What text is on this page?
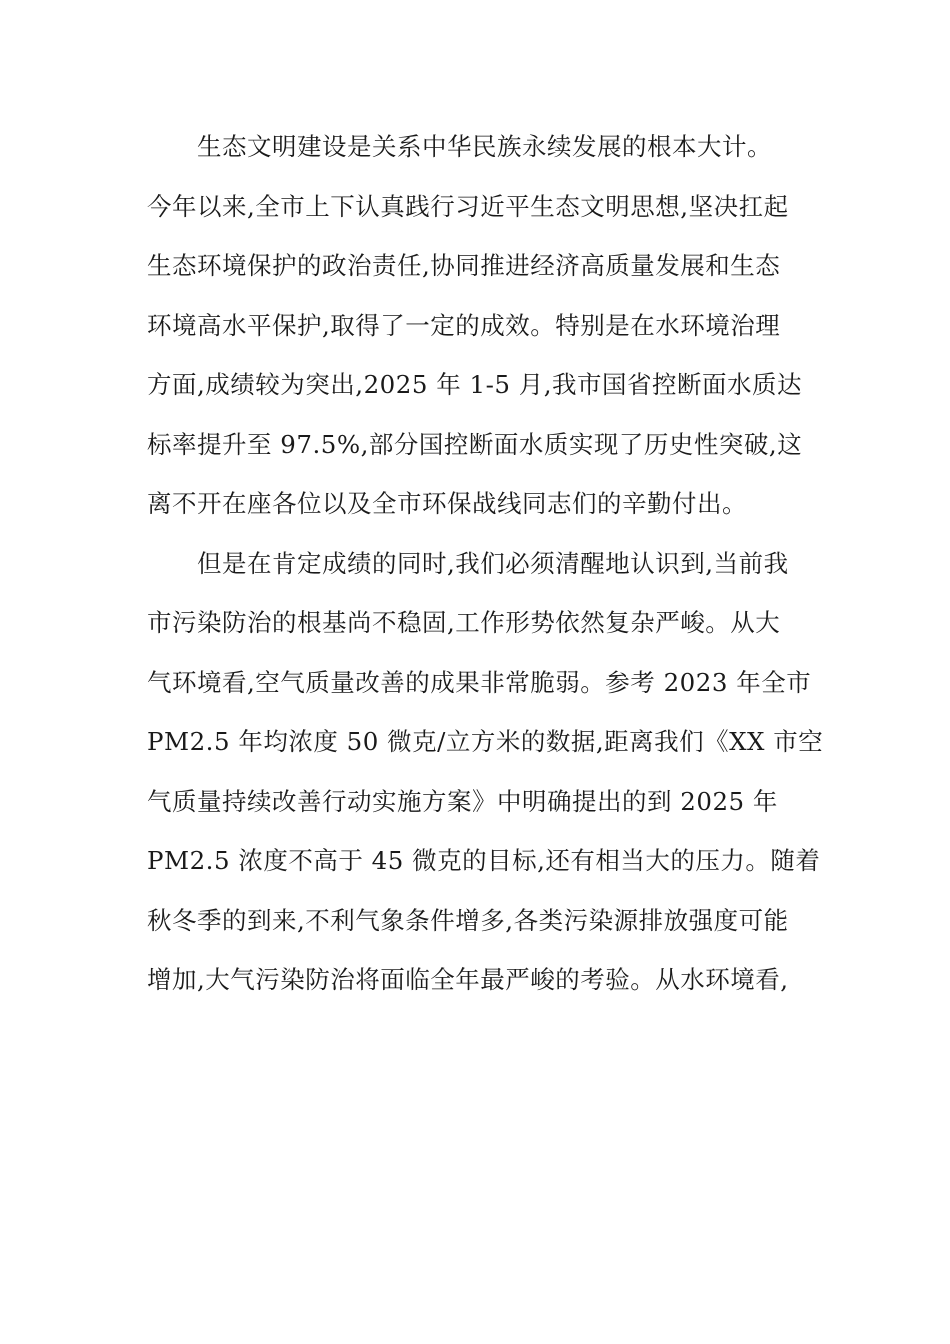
生态文明建设是关系中华民族永续发展的根本大计。
今年以来,全市上下认真践行习近平生态文明思想,坚决扛起
生态环境保护的政治责任,协同推进经济高质量发展和生态
环境高水平保护,取得了一定的成效。特别是在水环境治理
方面,成绩较为突出,2025 年 1-5 月,我市国省控断面水质达
标率提升至 97.5%,部分国控断面水质实现了历史性突破,这
离不开在座各位以及全市环保战线同志们的辛勤付出。
但是在肯定成绩的同时,我们必须清醒地认识到,当前我
市污染防治的根基尚不稳固,工作形势依然复杂严峻。从大
气环境看,空气质量改善的成果非常脆弱。参考 2023 年全市
PM2.5 年均浓度 50 微克/立方米的数据,距离我们《XX 市空
气质量持续改善行动实施方案》中明确提出的到 2025 年
PM2.5 浓度不高于 45 微克的目标,还有相当大的压力。随着
秋冬季的到来,不利气象条件增多,各类污染源排放强度可能
增加,大气污染防治将面临全年最严峻的考验。从水环境看,
